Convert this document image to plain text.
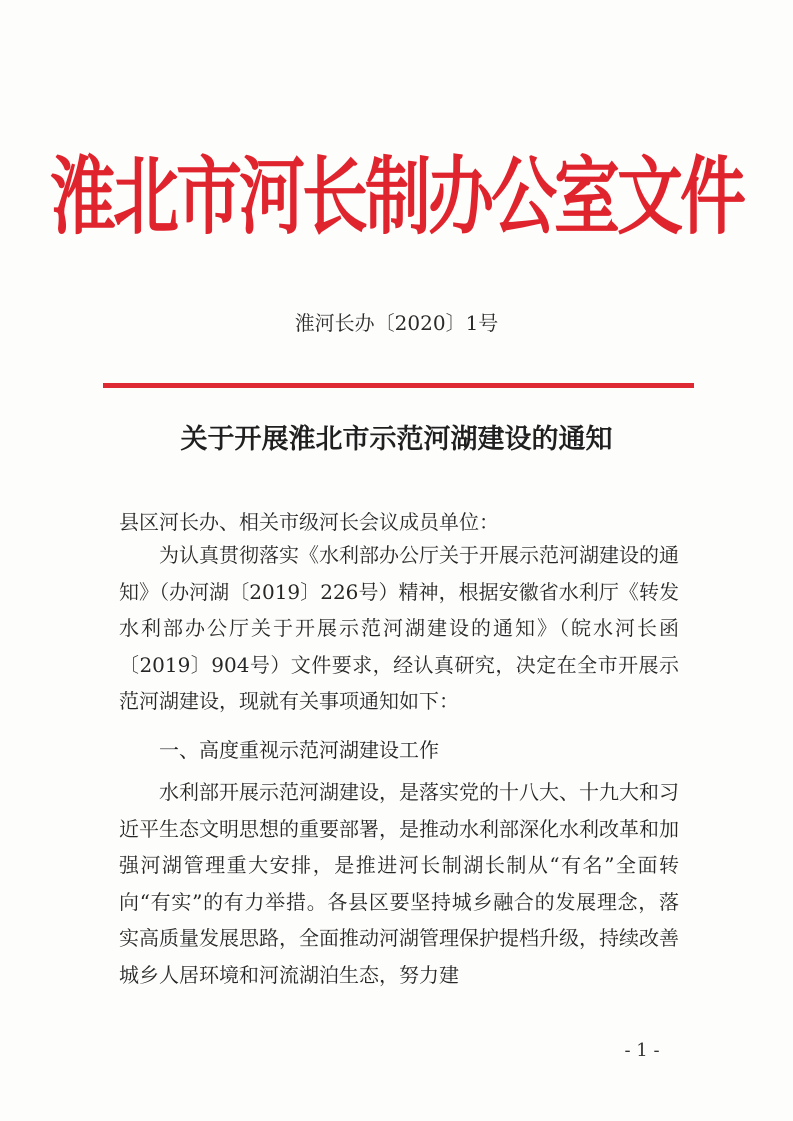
淮北市河长制办公室文件
淮河长办〔2020〕1号
关于开展淮北市示范河湖建设的通知
县区河长办、相关市级河长会议成员单位：

为认真贯彻落实《水利部办公厅关于开展示范河湖建设的通知》（办河湖〔2019〕226号）精神，根据安徽省水利厅《转发水利部办公厅关于开展示范河湖建设的通知》（皖水河长函〔2019〕904号）文件要求，经认真研究，决定在全市开展示范河湖建设，现就有关事项通知如下：

一、高度重视示范河湖建设工作

水利部开展示范河湖建设，是落实党的十八大、十九大和习近平生态文明思想的重要部署，是推动水利部深化水利改革和加强河湖管理重大安排，是推进河长制湖长制从“有名”全面转向“有实”的有力举措。各县区要坚持城乡融合的发展理念，落实高质量发展思路，全面推动河湖管理保护提档升级，持续改善城乡人居环境和河流湖泊生态，努力建

- 1 -
